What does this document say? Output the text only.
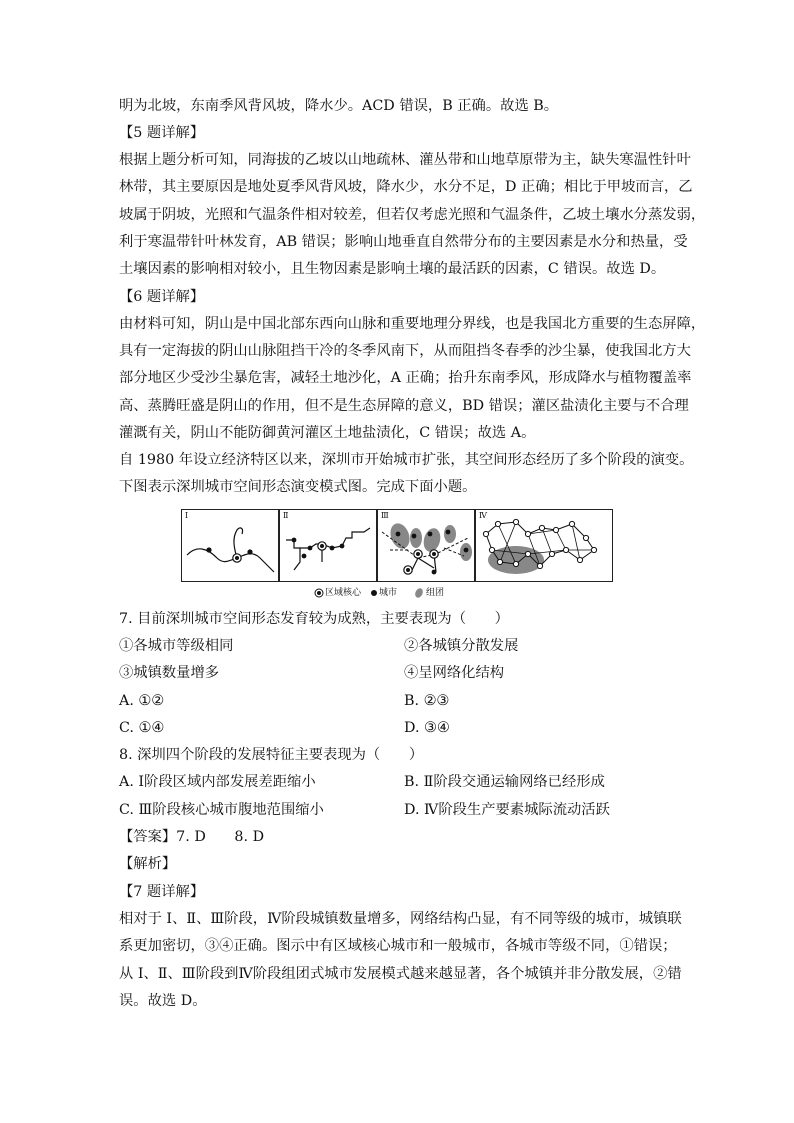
明为北坡，东南季风背风坡，降水少。ACD 错误，B 正确。故选 B。
【5 题详解】
根据上题分析可知，同海拔的乙坡以山地疏林、灌丛带和山地草原带为主，缺失寒温性针叶
林带，其主要原因是地处夏季风背风坡，降水少，水分不足，D 正确；相比于甲坡而言，乙
坡属于阴坡，光照和气温条件相对较差，但若仅考虑光照和气温条件，乙坡土壤水分蒸发弱，
利于寒温带针叶林发育，AB 错误；影响山地垂直自然带分布的主要因素是水分和热量，受
土壤因素的影响相对较小，且生物因素是影响土壤的最活跃的因素，C 错误。故选 D。
【6 题详解】
由材料可知，阴山是中国北部东西向山脉和重要地理分界线，也是我国北方重要的生态屏障，
具有一定海拔的阴山山脉阻挡干冷的冬季风南下，从而阻挡冬春季的沙尘暴，使我国北方大
部分地区少受沙尘暴危害，减轻土地沙化，A 正确；抬升东南季风，形成降水与植物覆盖率
高、蒸腾旺盛是阴山的作用，但不是生态屏障的意义，BD 错误；灌区盐渍化主要与不合理
灌溉有关，阴山不能防御黄河灌区土地盐渍化，C 错误；故选 A。
自 1980 年设立经济特区以来，深圳市开始城市扩张，其空间形态经历了多个阶段的演变。
下图表示深圳城市空间形态演变模式图。完成下面小题。
Ⅰ	Ⅱ	Ⅲ	Ⅳ
区域核心 城市	组团
7. 目前深圳城市空间形态发育较为成熟，主要表现为（　　）
①各城市等级相同	②各城镇分散发展
③城镇数量增多	④呈网络化结构
A. ①②	B. ②③
C. ①④	D. ③④
8. 深圳四个阶段的发展特征主要表现为（　　）
A. Ⅰ阶段区域内部发展差距缩小	B. Ⅱ阶段交通运输网络已经形成
C. Ⅲ阶段核心城市腹地范围缩小	D. Ⅳ阶段生产要素城际流动活跃
【答案】7. D　　8. D
【解析】
【7 题详解】
相对于 Ⅰ、Ⅱ、Ⅲ阶段，Ⅳ阶段城镇数量增多，网络结构凸显，有不同等级的城市，城镇联
系更加密切，③④正确。图示中有区域核心城市和一般城市，各城市等级不同，①错误；
从 Ⅰ、Ⅱ、Ⅲ阶段到Ⅳ阶段组团式城市发展模式越来越显著，各个城镇并非分散发展，②错
误。故选 D。
